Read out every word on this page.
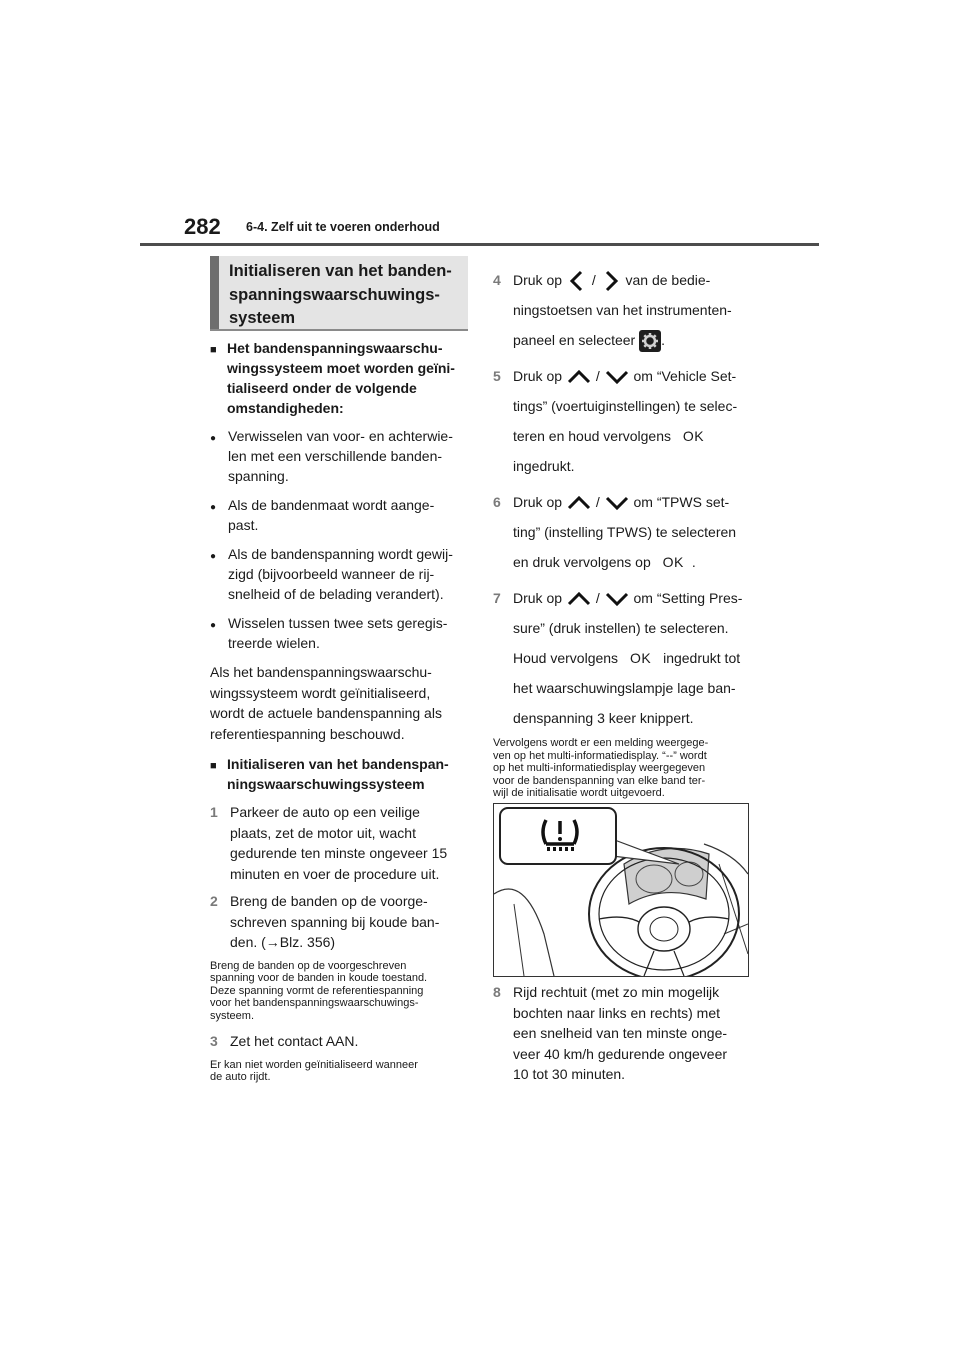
282 6-4. Zelf uit te voeren onderhoud
Initialiseren van het banden-
spanningswaarschuwings-
systeem
■ Het bandenspanningswaarschu-
wingssysteem moet worden geïni-
tialiseerd onder de volgende
omstandigheden:
● Verwisselen van voor- en achterwie-
len met een verschillende banden-
spanning.
● Als de bandenmaat wordt aange-
past.
● Als de bandenspanning wordt gewij-
zigd (bijvoorbeeld wanneer de rij-
snelheid of de belading verandert).
● Wisselen tussen twee sets geregis-
treerde wielen.
Als het bandenspanningswaarschu-
wingssysteem wordt geïnitialiseerd,
wordt de actuele bandenspanning als
referentiespanning beschouwd.
■ Initialiseren van het bandenspan-
ningswaarschuwingssysteem
1 Parkeer de auto op een veilige
plaats, zet de motor uit, wacht
gedurende ten minste ongeveer 15
minuten en voer de procedure uit.
2 Breng de banden op de voorge-
schreven spanning bij koude ban-
den. (→Blz. 356)
Breng de banden op de voorgeschreven
spanning voor de banden in koude toestand.
Deze spanning vormt de referentiespanning
voor het bandenspanningswaarschuwings-
systeem.
3 Zet het contact AAN.
Er kan niet worden geïnitialiseerd wanneer
de auto rijdt.
4 Druk op / van de bedie-
ningstoetsen van het instrumenten-
paneel en selecteer .
5 Druk op / om “Vehicle Set-
tings” (voertuiginstellingen) te selec-
teren en houd vervolgens OK
ingedrukt.
6 Druk op / om “TPWS set-
ting” (instelling TPWS) te selecteren
en druk vervolgens op OK .
7 Druk op / om “Setting Pres-
sure” (druk instellen) te selecteren.
Houd vervolgens OK ingedrukt tot
het waarschuwingslampje lage ban-
denspanning 3 keer knippert.
Vervolgens wordt er een melding weergege-
ven op het multi-informatiedisplay. “--” wordt
op het multi-informatiedisplay weergegeven
voor de bandenspanning van elke band ter-
wijl de initialisatie wordt uitgevoerd.
8 Rijd rechtuit (met zo min mogelijk
bochten naar links en rechts) met
een snelheid van ten minste onge-
veer 40 km/h gedurende ongeveer
10 tot 30 minuten.
